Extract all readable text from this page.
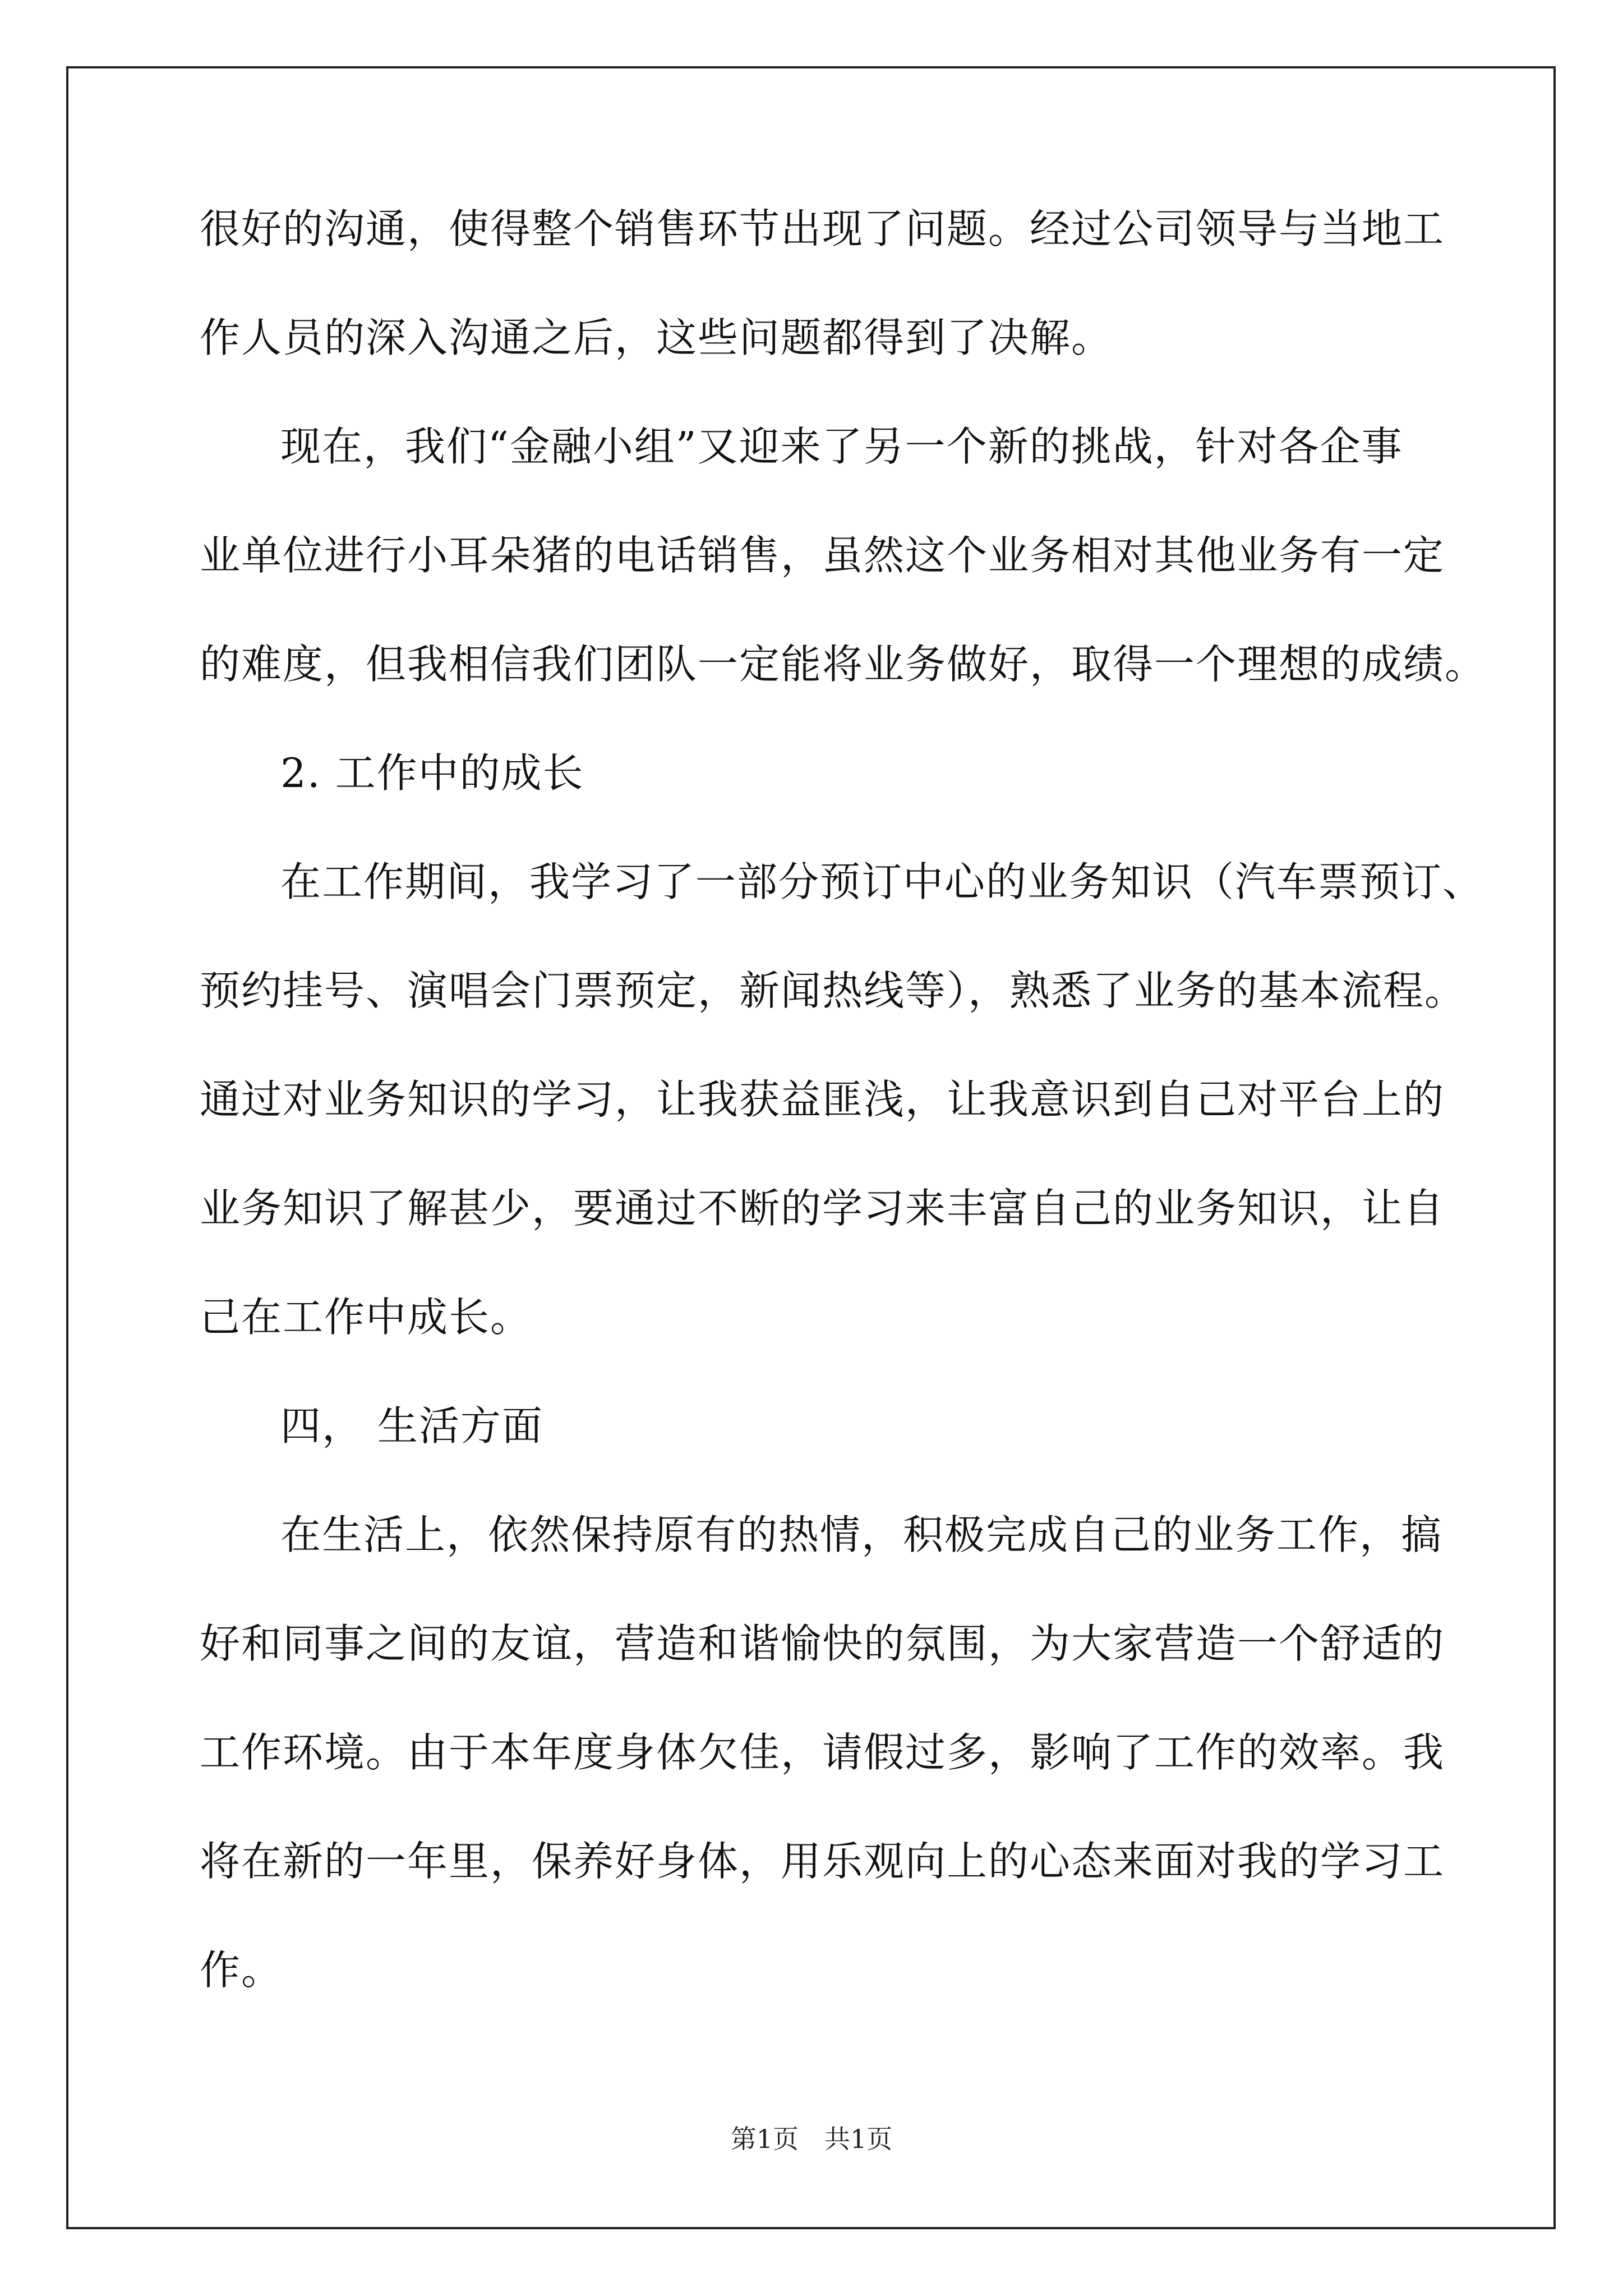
很好的沟通，使得整个销售环节出现了问题。经过公司领导与当地工
作人员的深入沟通之后，这些问题都得到了决解。
现在，我们“金融小组”又迎来了另一个新的挑战，针对各企事
业单位进行小耳朵猪的电话销售，虽然这个业务相对其他业务有一定
的难度，但我相信我们团队一定能将业务做好，取得一个理想的成绩。
2. 工作中的成长
在工作期间，我学习了一部分预订中心的业务知识（汽车票预订、
预约挂号、演唱会门票预定，新闻热线等），熟悉了业务的基本流程。
通过对业务知识的学习，让我获益匪浅，让我意识到自己对平台上的
业务知识了解甚少，要通过不断的学习来丰富自己的业务知识，让自
己在工作中成长。
四， 生活方面
在生活上，依然保持原有的热情，积极完成自己的业务工作，搞
好和同事之间的友谊，营造和谐愉快的氛围，为大家营造一个舒适的
工作环境。由于本年度身体欠佳，请假过多，影响了工作的效率。我
将在新的一年里，保养好身体，用乐观向上的心态来面对我的学习工
作。
第1页　共1页
